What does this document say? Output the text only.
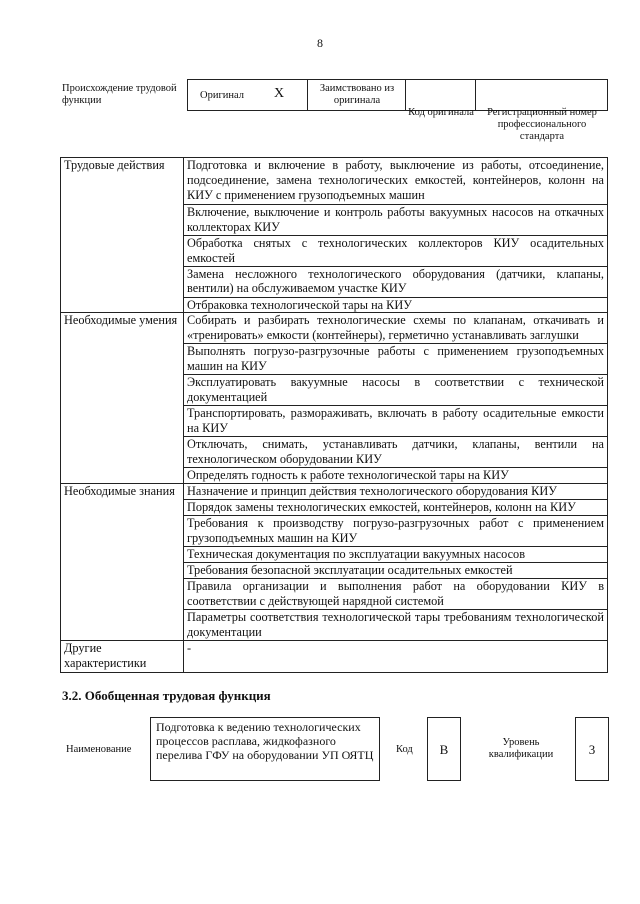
8
Происхождение трудовой функции	Оригинал X	Заимствовано из оригинала
Код оригинала	Регистрационный номер профессионального стандарта
Трудовые действия	Подготовка и включение в работу, выключение из работы, отсоединение, подсоединение, замена технологических емкостей, контейнеров, колонн на КИУ с применением грузоподъемных машин
	Включение, выключение и контроль работы вакуумных насосов на откачных коллекторах КИУ
	Обработка снятых с технологических коллекторов КИУ осадительных емкостей
	Замена несложного технологического оборудования (датчики, клапаны, вентили) на обслуживаемом участке КИУ
	Отбраковка технологической тары на КИУ
Необходимые умения	Собирать и разбирать технологические схемы по клапанам, откачивать и «тренировать» емкости (контейнеры), герметично устанавливать заглушки
	Выполнять погрузо-разгрузочные работы с применением грузоподъемных машин на КИУ
	Эксплуатировать вакуумные насосы в соответствии с технической документацией
	Транспортировать, размораживать, включать в работу осадительные емкости на КИУ
	Отключать, снимать, устанавливать датчики, клапаны, вентили на технологическом оборудовании КИУ
	Определять годность к работе технологической тары на КИУ
Необходимые знания	Назначение и принцип действия технологического оборудования КИУ
	Порядок замены технологических емкостей, контейнеров, колонн на КИУ
	Требования к производству погрузо-разгрузочных работ с применением грузоподъемных машин на КИУ
	Техническая документация по эксплуатации вакуумных насосов
	Требования безопасной эксплуатации осадительных емкостей
	Правила организации и выполнения работ на оборудовании КИУ в соответствии с действующей нарядной системой
	Параметры соответствия технологической тары требованиям технологической документации
Другие характеристики	-
3.2. Обобщенная трудовая функция
Наименование
Подготовка к ведению технологических процессов расплава, жидкофазного перелива ГФУ на оборудовании УП ОЯТЦ	Код	B	Уровень квалификации	3
